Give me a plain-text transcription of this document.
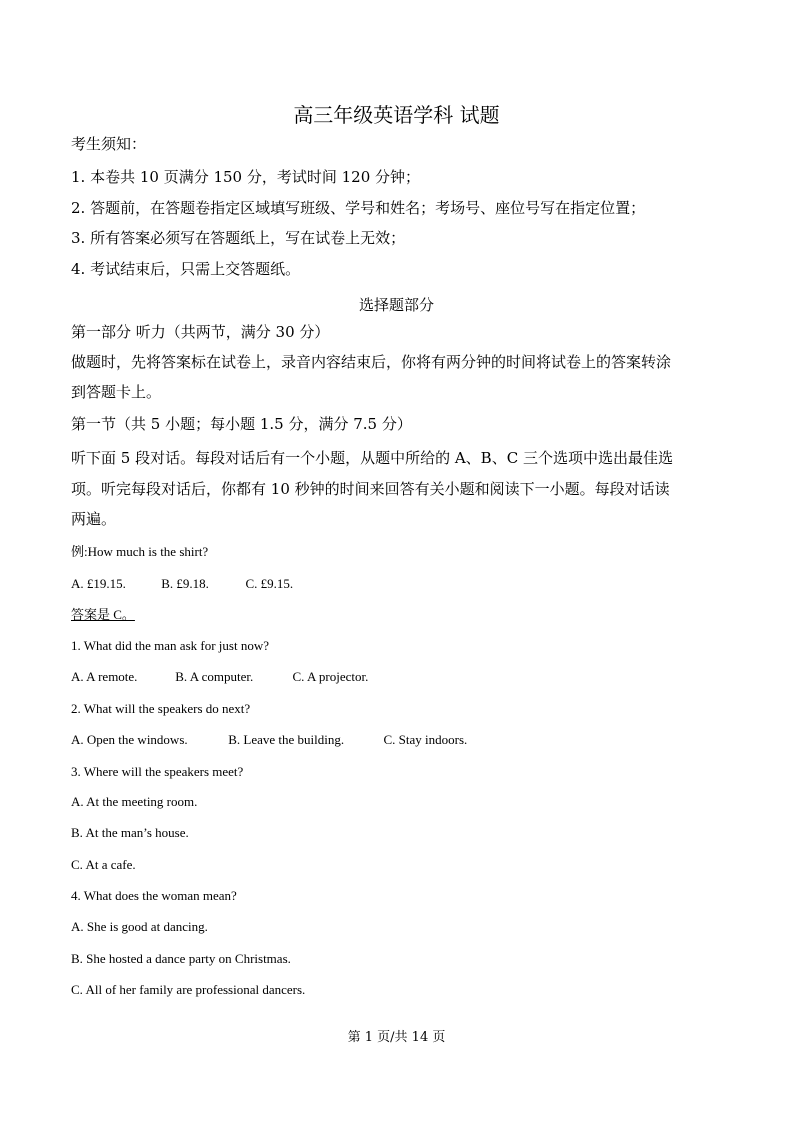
高三年级英语学科 试题
考生须知：
1. 本卷共 10 页满分 150 分，考试时间 120 分钟；
2. 答题前，在答题卷指定区域填写班级、学号和姓名；考场号、座位号写在指定位置；
3. 所有答案必须写在答题纸上，写在试卷上无效；
4. 考试结束后，只需上交答题纸。
选择题部分
第一部分 听力（共两节，满分 30 分）
做题时，先将答案标在试卷上，录音内容结束后，你将有两分钟的时间将试卷上的答案转涂
到答题卡上。
第一节（共 5 小题；每小题 1.5 分，满分 7.5 分）
听下面 5 段对话。每段对话后有一个小题，从题中所给的 A、B、C 三个选项中选出最佳选
项。听完每段对话后，你都有 10 秒钟的时间来回答有关小题和阅读下一小题。每段对话读
两遍。
例:How much is the shirt?
A. £19.15.	B. £9.18.	C. £9.15.
答案是 C。
1. What did the man ask for just now?
A. A remote.	B. A computer.	C. A projector.
2. What will the speakers do next?
A. Open the windows.	B. Leave the building.	C. Stay indoors.
3. Where will the speakers meet?
A. At the meeting room.
B. At the man’s house.
C. At a cafe.
4. What does the woman mean?
A. She is good at dancing.
B. She hosted a dance party on Christmas.
C. All of her family are professional dancers.
第 1 页/共 14 页
